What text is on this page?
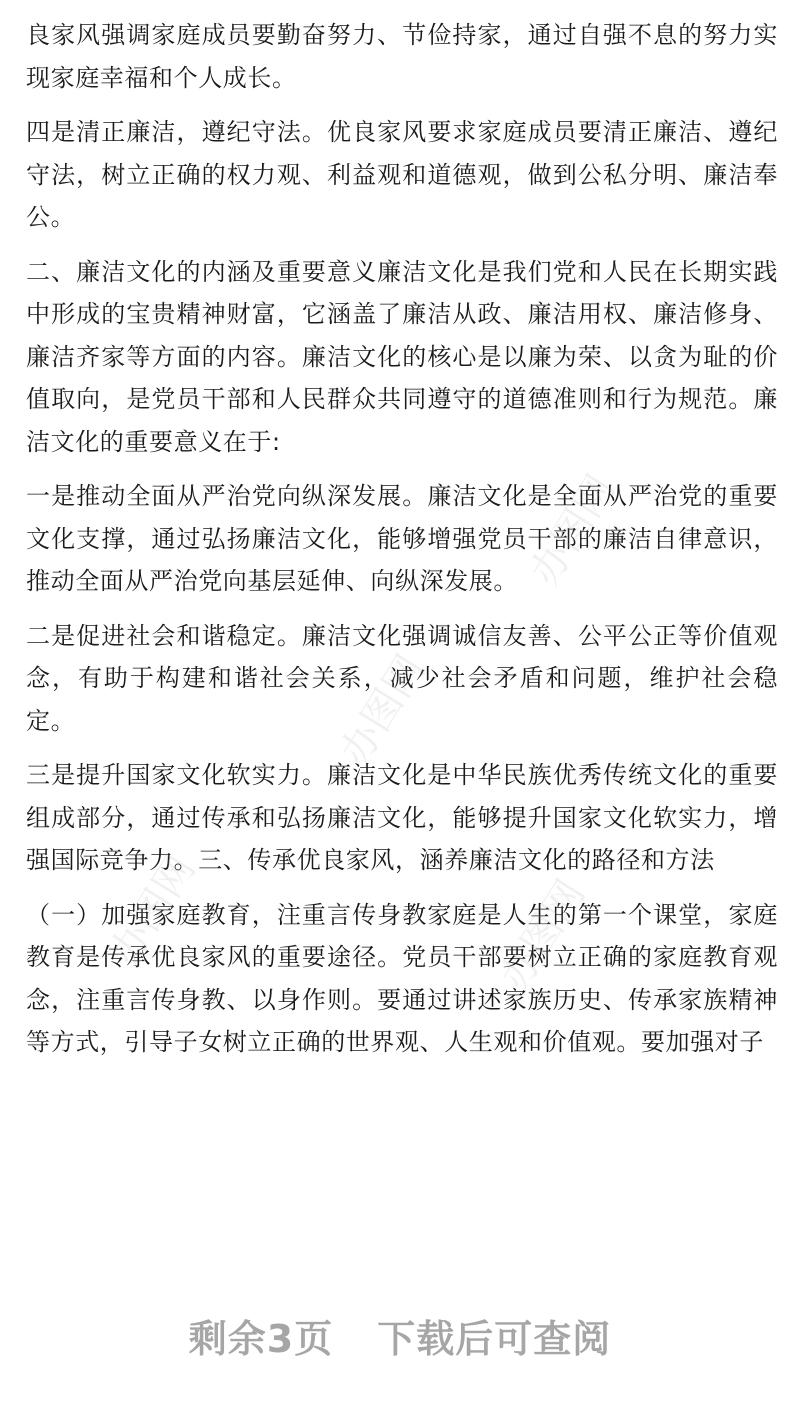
良家风强调家庭成员要勤奋努力、节俭持家，通过自强不息的努力实现家庭幸福和个人成长。

四是清正廉洁，遵纪守法。优良家风要求家庭成员要清正廉洁、遵纪守法，树立正确的权力观、利益观和道德观，做到公私分明、廉洁奉公。

二、廉洁文化的内涵及重要意义廉洁文化是我们党和人民在长期实践中形成的宝贵精神财富，它涵盖了廉洁从政、廉洁用权、廉洁修身、廉洁齐家等方面的内容。廉洁文化的核心是以廉为荣、以贪为耻的价值取向，是党员干部和人民群众共同遵守的道德准则和行为规范。廉洁文化的重要意义在于:

一是推动全面从严治党向纵深发展。廉洁文化是全面从严治党的重要文化支撑，通过弘扬廉洁文化，能够增强党员干部的廉洁自律意识，推动全面从严治党向基层延伸、向纵深发展。

二是促进社会和谐稳定。廉洁文化强调诚信友善、公平公正等价值观念，有助于构建和谐社会关系，减少社会矛盾和问题，维护社会稳定。

三是提升国家文化软实力。廉洁文化是中华民族优秀传统文化的重要组成部分，通过传承和弘扬廉洁文化，能够提升国家文化软实力，增强国际竞争力。三、传承优良家风，涵养廉洁文化的路径和方法

（一）加强家庭教育，注重言传身教家庭是人生的第一个课堂，家庭教育是传承优良家风的重要途径。党员干部要树立正确的家庭教育观念，注重言传身教、以身作则。要通过讲述家族历史、传承家族精神等方式，引导子女树立正确的世界观、人生观和价值观。要加强对子

办图网
办图网
办图网	办图网
剩余3页 下载后可查阅
